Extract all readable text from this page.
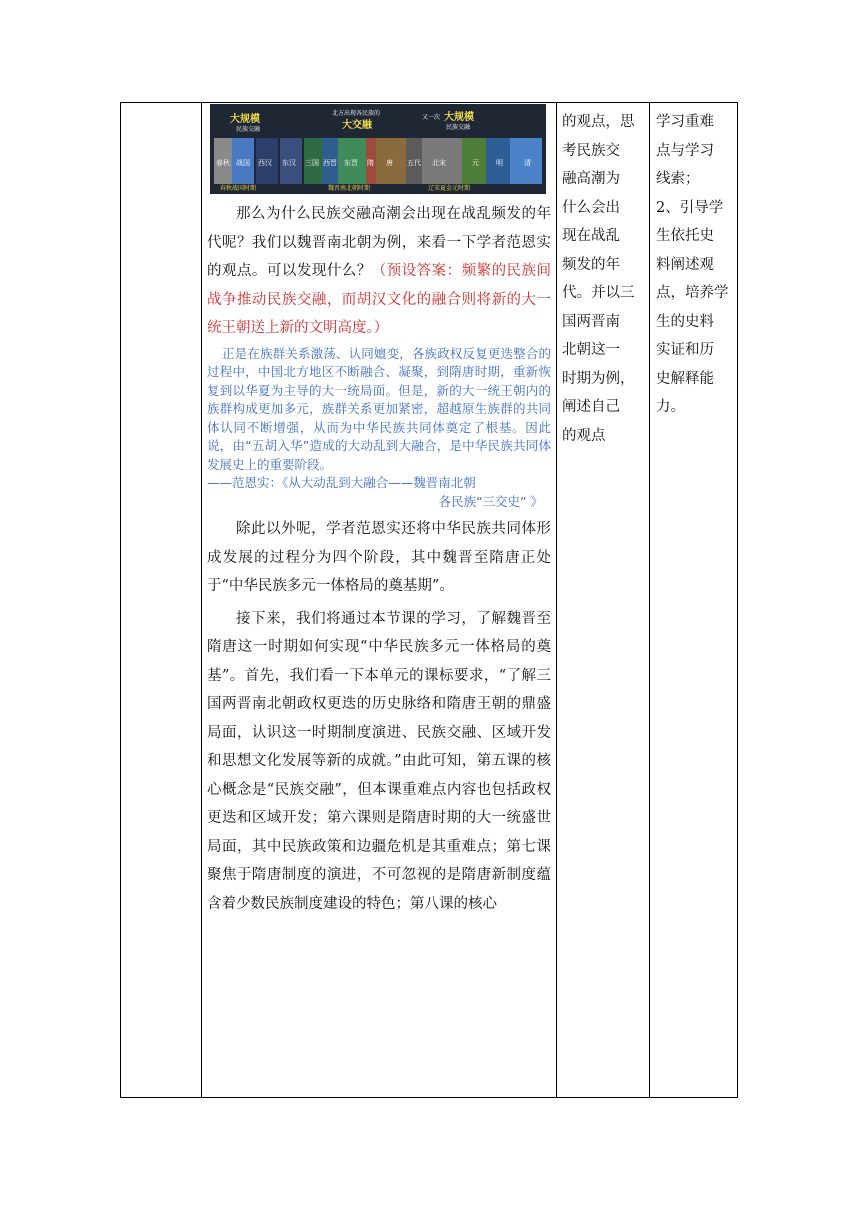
大规模
民族交融
北方出现各民族的
大交融
又一次 大规模
民族交融
春秋 战国 西汉 东汉 三国 西晋 东晋 隋 唐 五代 北宋	元 明	清
春秋战国时期	魏晋南北朝时期	辽宋夏金元时期

那么为什么民族交融高潮会出现在战乱频发的年代呢？我们以魏晋南北朝为例，来看一下学者范恩实的观点。可以发现什么？（预设答案：频繁的民族间战争推动民族交融，而胡汉文化的融合则将新的大一统王朝送上新的文明高度。）

正是在族群关系激荡、认同嬗变，各族政权反复更迭整合的过程中，中国北方地区不断融合、凝聚，到隋唐时期，重新恢复到以华夏为主导的大一统局面。但是，新的大一统王朝内的族群构成更加多元，族群关系更加紧密，超越原生族群的共同体认同不断增强，从而为中华民族共同体奠定了根基。因此说，由“五胡入华”造成的大动乱到大融合，是中华民族共同体发展史上的重要阶段。

——范恩实：《从大动乱到大融合——魏晋南北朝

各民族“三交史” 》

除此以外呢，学者范恩实还将中华民族共同体形成发展的过程分为四个阶段，其中魏晋至隋唐正处于“中华民族多元一体格局的奠基期”。

接下来，我们将通过本节课的学习，了解魏晋至隋唐这一时期如何实现“中华民族多元一体格局的奠基”。首先，我们看一下本单元的课标要求，“了解三国两晋南北朝政权更迭的历史脉络和隋唐王朝的鼎盛局面，认识这一时期制度演进、民族交融、区域开发和思想文化发展等新的成就。”由此可知，第五课的核心概念是“民族交融”，但本课重难点内容也包括政权更迭和区域开发；第六课则是隋唐时期的大一统盛世局面，其中民族政策和边疆危机是其重难点；第七课聚焦于隋唐制度的演进，不可忽视的是隋唐新制度蕴含着少数民族制度建设的特色；第八课的核心

的观点，思
考民族交
融高潮为
什么会出
现在战乱
频发的年
代。并以三
国两晋南
北朝这一
时期为例，
阐述自己
的观点
学习重难
点与学习
线索；
2、引导学
生依托史
料阐述观
点，培养学
生的史料
实证和历
史解释能
力。
